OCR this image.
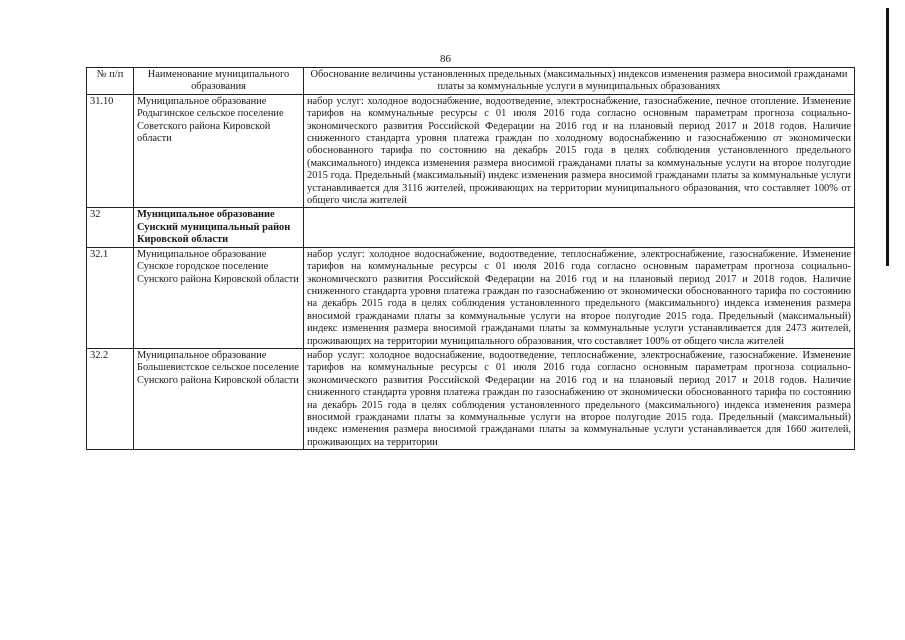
86
№ п/п	Наименование муниципального образования	Обоснование величины установленных предельных (максимальных) индексов изменения размера вносимой гражданами платы за коммунальные услуги в муниципальных образованиях
31.10	Муниципальное образование Родыгинское сельское поселение Советского района Кировской области	набор услуг: холодное водоснабжение, водоотведение, электроснабжение, газоснабжение, печное отопление. Изменение тарифов на коммунальные ресурсы с 01 июля 2016 года согласно основным параметрам прогноза социально-экономического развития Российской Федерации на 2016 год и на плановый период 2017 и 2018 годов. Наличие сниженного стандарта уровня платежа граждан по холодному водоснабжению и газоснабжению от экономически обоснованного тарифа по состоянию на декабрь 2015 года в целях соблюдения установленного предельного (максимального) индекса изменения размера вносимой гражданами платы за коммунальные услуги на второе полугодие 2015 года. Предельный (максимальный) индекс изменения размера вносимой гражданами платы за коммунальные услуги устанавливается для 3116 жителей, проживающих на территории муниципального образования, что составляет 100% от общего числа жителей
32	Муниципальное образование Сунский муниципальный район Кировской области	
32.1	Муниципальное образование Сунское городское поселение Сунского района Кировской области	набор услуг: холодное водоснабжение, водоотведение, теплоснабжение, электроснабжение, газоснабжение. Изменение тарифов на коммунальные ресурсы с 01 июля 2016 года согласно основным параметрам прогноза социально-экономического развития Российской Федерации на 2016 год и на плановый период 2017 и 2018 годов. Наличие сниженного стандарта уровня платежа граждан по газоснабжению от экономически обоснованного тарифа по состоянию на декабрь 2015 года в целях соблюдения установленного предельного (максимального) индекса изменения размера вносимой гражданами платы за коммунальные услуги на второе полугодие 2015 года. Предельный (максимальный) индекс изменения размера вносимой гражданами платы за коммунальные услуги устанавливается для 2473 жителей, проживающих на территории муниципального образования, что составляет 100% от общего числа жителей
32.2	Муниципальное образование Большевистское сельское поселение Сунского района Кировской области	набор услуг: холодное водоснабжение, водоотведение, теплоснабжение, электроснабжение, газоснабжение. Изменение тарифов на коммунальные ресурсы с 01 июля 2016 года согласно основным параметрам прогноза социально-экономического развития Российской Федерации на 2016 год и на плановый период 2017 и 2018 годов. Наличие сниженного стандарта уровня платежа граждан по газоснабжению от экономически обоснованного тарифа по состоянию на декабрь 2015 года в целях соблюдения установленного предельного (максимального) индекса изменения размера вносимой гражданами платы за коммунальные услуги на второе полугодие 2015 года. Предельный (максимальный) индекс изменения размера вносимой гражданами платы за коммунальные услуги устанавливается для 1660 жителей, проживающих на территории
